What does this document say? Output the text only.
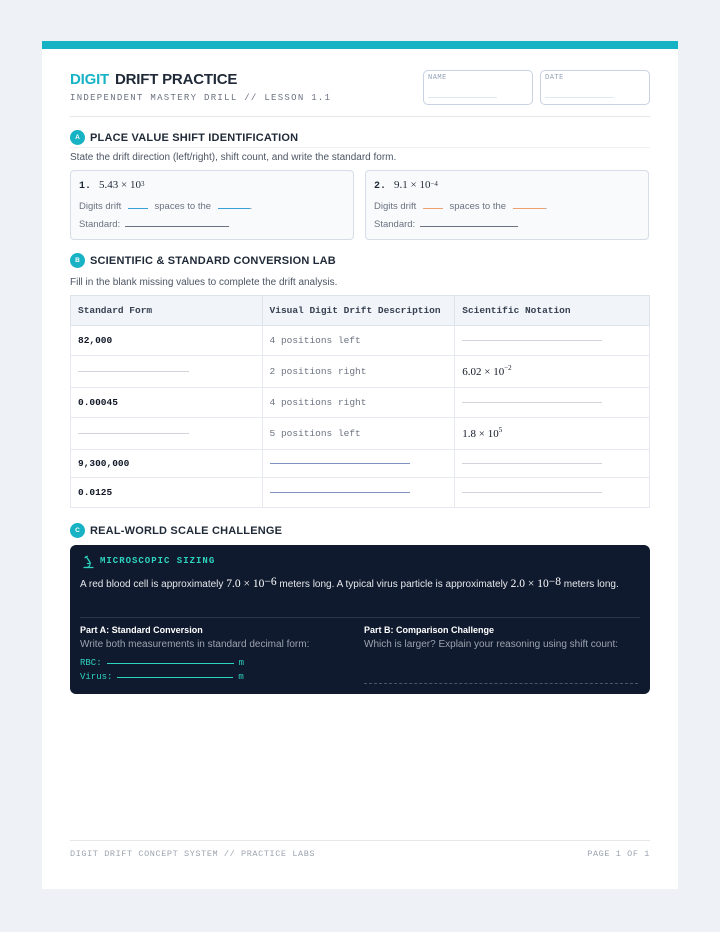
DIGIT DRIFT PRACTICE
INDEPENDENT MASTERY DRILL // LESSON 1.1
NAME	DATE
A PLACE VALUE SHIFT IDENTIFICATION
State the drift direction (left/right), shift count, and write the standard form.
1. $5.43 \times 10^3$
Digits drift	spaces to the	.
Standard:
2. $9.1 \times 10^{-4}$
Digits drift	spaces to the	.
Standard:
B SCIENTIFIC & STANDARD CONVERSION LAB
Fill in the blank missing values to complete the drift analysis.
Standard Form	Visual Digit Drift Description	Scientific Notation
82,000	4 positions left	
	2 positions right	$6.02 \times 10^{-2}$
0.00045	4 positions right	
	5 positions left	$1.8 \times 10^5$
9,300,000		
0.0125		
C REAL-WORLD SCALE CHALLENGE
MICROSCOPIC SIZING
A red blood cell is approximately $7.0 \times 10^{-6}$ meters long. A typical virus particle is approximately $2.0 \times 10^{-8}$ meters long.
Part A: Standard Conversion
Write both measurements in standard decimal form:
RBC:	m
Virus:	m
Part B: Comparison Challenge
Which is larger? Explain your reasoning using shift count:
DIGIT DRIFT CONCEPT SYSTEM // PRACTICE LABS	PAGE 1 OF 1
